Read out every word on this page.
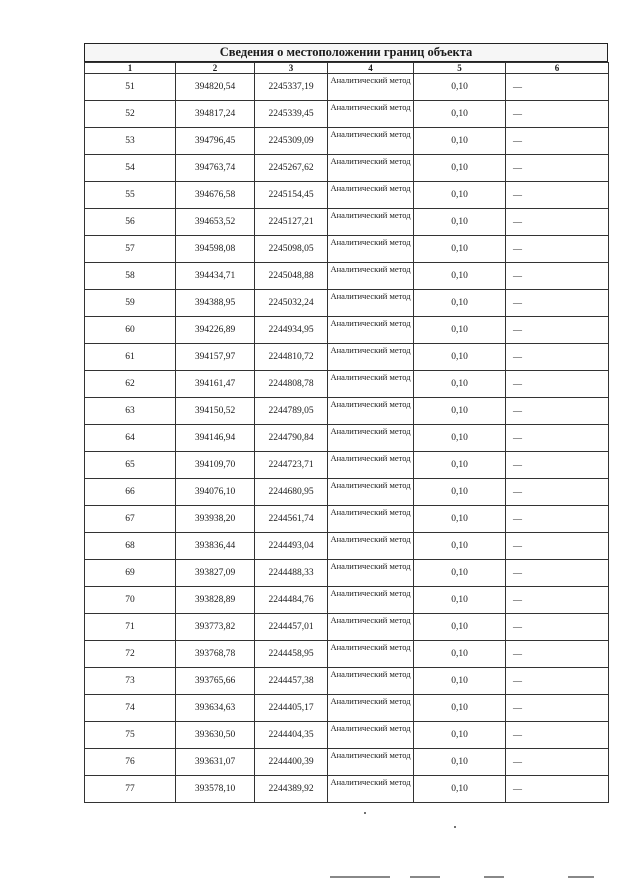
Сведения о местоположении границ объекта
1	2	3	4	5	6
51	394820,54	2245337,19	Аналитический метод	0,10	—
52	394817,24	2245339,45	Аналитический метод	0,10	—
53	394796,45	2245309,09	Аналитический метод	0,10	—
54	394763,74	2245267,62	Аналитический метод	0,10	—
55	394676,58	2245154,45	Аналитический метод	0,10	—
56	394653,52	2245127,21	Аналитический метод	0,10	—
57	394598,08	2245098,05	Аналитический метод	0,10	—
58	394434,71	2245048,88	Аналитический метод	0,10	—
59	394388,95	2245032,24	Аналитический метод	0,10	—
60	394226,89	2244934,95	Аналитический метод	0,10	—
61	394157,97	2244810,72	Аналитический метод	0,10	—
62	394161,47	2244808,78	Аналитический метод	0,10	—
63	394150,52	2244789,05	Аналитический метод	0,10	—
64	394146,94	2244790,84	Аналитический метод	0,10	—
65	394109,70	2244723,71	Аналитический метод	0,10	—
66	394076,10	2244680,95	Аналитический метод	0,10	—
67	393938,20	2244561,74	Аналитический метод	0,10	—
68	393836,44	2244493,04	Аналитический метод	0,10	—
69	393827,09	2244488,33	Аналитический метод	0,10	—
70	393828,89	2244484,76	Аналитический метод	0,10	—
71	393773,82	2244457,01	Аналитический метод	0,10	—
72	393768,78	2244458,95	Аналитический метод	0,10	—
73	393765,66	2244457,38	Аналитический метод	0,10	—
74	393634,63	2244405,17	Аналитический метод	0,10	—
75	393630,50	2244404,35	Аналитический метод	0,10	—
76	393631,07	2244400,39	Аналитический метод	0,10	—
77	393578,10	2244389,92	Аналитический метод	0,10	—
